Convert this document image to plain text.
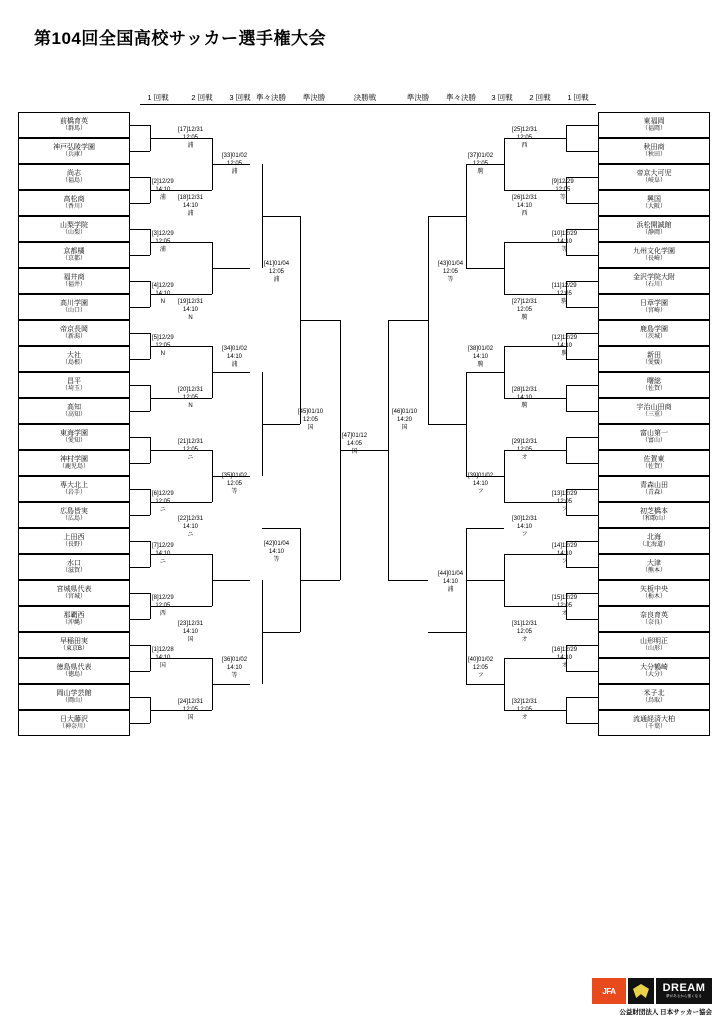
第104回全国高校サッカー選手権大会
1 回戦	2 回戦	3 回戦 準々決勝	準決勝	決勝戦	準決勝	準々決勝	3 回戦	2 回戦	1 回戦
前橋育英
（群馬）
神戸弘陵学園
（兵庫）
尚志
（福島）
高松商
（香川）
山梨学院
（山梨）
京都橘
（京都）
福井商
（福井）
高川学園
（山口）
帝京長岡
（新潟）
大社
（島根）
昌平
（埼玉）
高知
（高知）
東海学園
（愛知）
神村学園
（鹿児島）
専大北上
（岩手）
広島皆実
（広島）
上田西
（長野）
水口
（滋賀）
宮城県代表
（宮城）
那覇西
（沖縄）
早稲田実
（東京B）
徳島県代表
（徳島）
岡山学芸館
（岡山）
日大藤沢
（神奈川）
東福岡
（福岡）
秋田商
（秋田）
帝京大可児
（岐阜）
興国
（大阪）
浜松開誠館
（静岡）
九州文化学園
（長崎）
金沢学院大附
（石川）
日章学園
（宮崎）
鹿島学園
（茨城）
新田
（愛媛）
曙総
（佐賀）
宇治山田商
（三重）
富山第一
（富山）
佐賀東
（佐賀）
青森山田
（青森）
初芝橋本
（和歌山）
北海
（北海道）
大津
（熊本）
矢板中央
（栃木）
奈良育英
（奈良）
山形明正
（山形）
大分鶴崎
（大分）
米子北
（鳥取）
流通経済大柏
（千葉）
[17]12/31
12:05
浦
[2]12/29
14:10
浦	[18]12/31
14:10
浦
[3]12/29
12:05
浦
[33]01/02
12:05
浦
[4]12/29
14:10
N	[19]12/31
14:10
N
[5]12/29
12:05
N
[34]01/02
14:10
浦
[20]12/31
12:05
N
[41]01/04
12:05
浦
[21]12/31
12:05
ニ
[6]12/29
12:05
ニ
[35]01/02
12:05
等
[22]12/31
14:10
ニ
[7]12/29
14:10
ニ
[8]12/29
12:05
西
[23]12/31
14:10
国
[1]12/28
14:10
国
[36]01/02
14:10
等
[24]12/31
12:05
国
[42]01/04
14:10
等
[45]01/10
12:05
国
[47]01/12
14:05
国
[46]01/10
14:20
国
[25]12/31
12:05
西
[37]01/02
12:05
駒
[26]12/31
14:10
西
[9]12/29
12:05
等
[10]12/29
14:10
等
[43]01/04
12:05
等
[27]12/31
12:05
駒
[11]12/29
12:05
駒
[12]12/29
14:10
駒
[38]01/02
14:10
駒
[28]12/31
14:10
駒
[29]12/31
12:05
オ
[39]01/02
14:10
フ	[13]12/29
12:05
フ
[30]12/31
14:10
フ
[14]12/29
14:10
フ
[44]01/04
14:10
浦
[15]12/29
12:05
オ
[31]12/31
12:05
オ
[16]12/29
14:10
オ
[40]01/02
12:05
フ
[32]12/31
12:05
オ
JFA	DREAM
夢があるから強くなる
公益財団法人 日本サッカー協会
